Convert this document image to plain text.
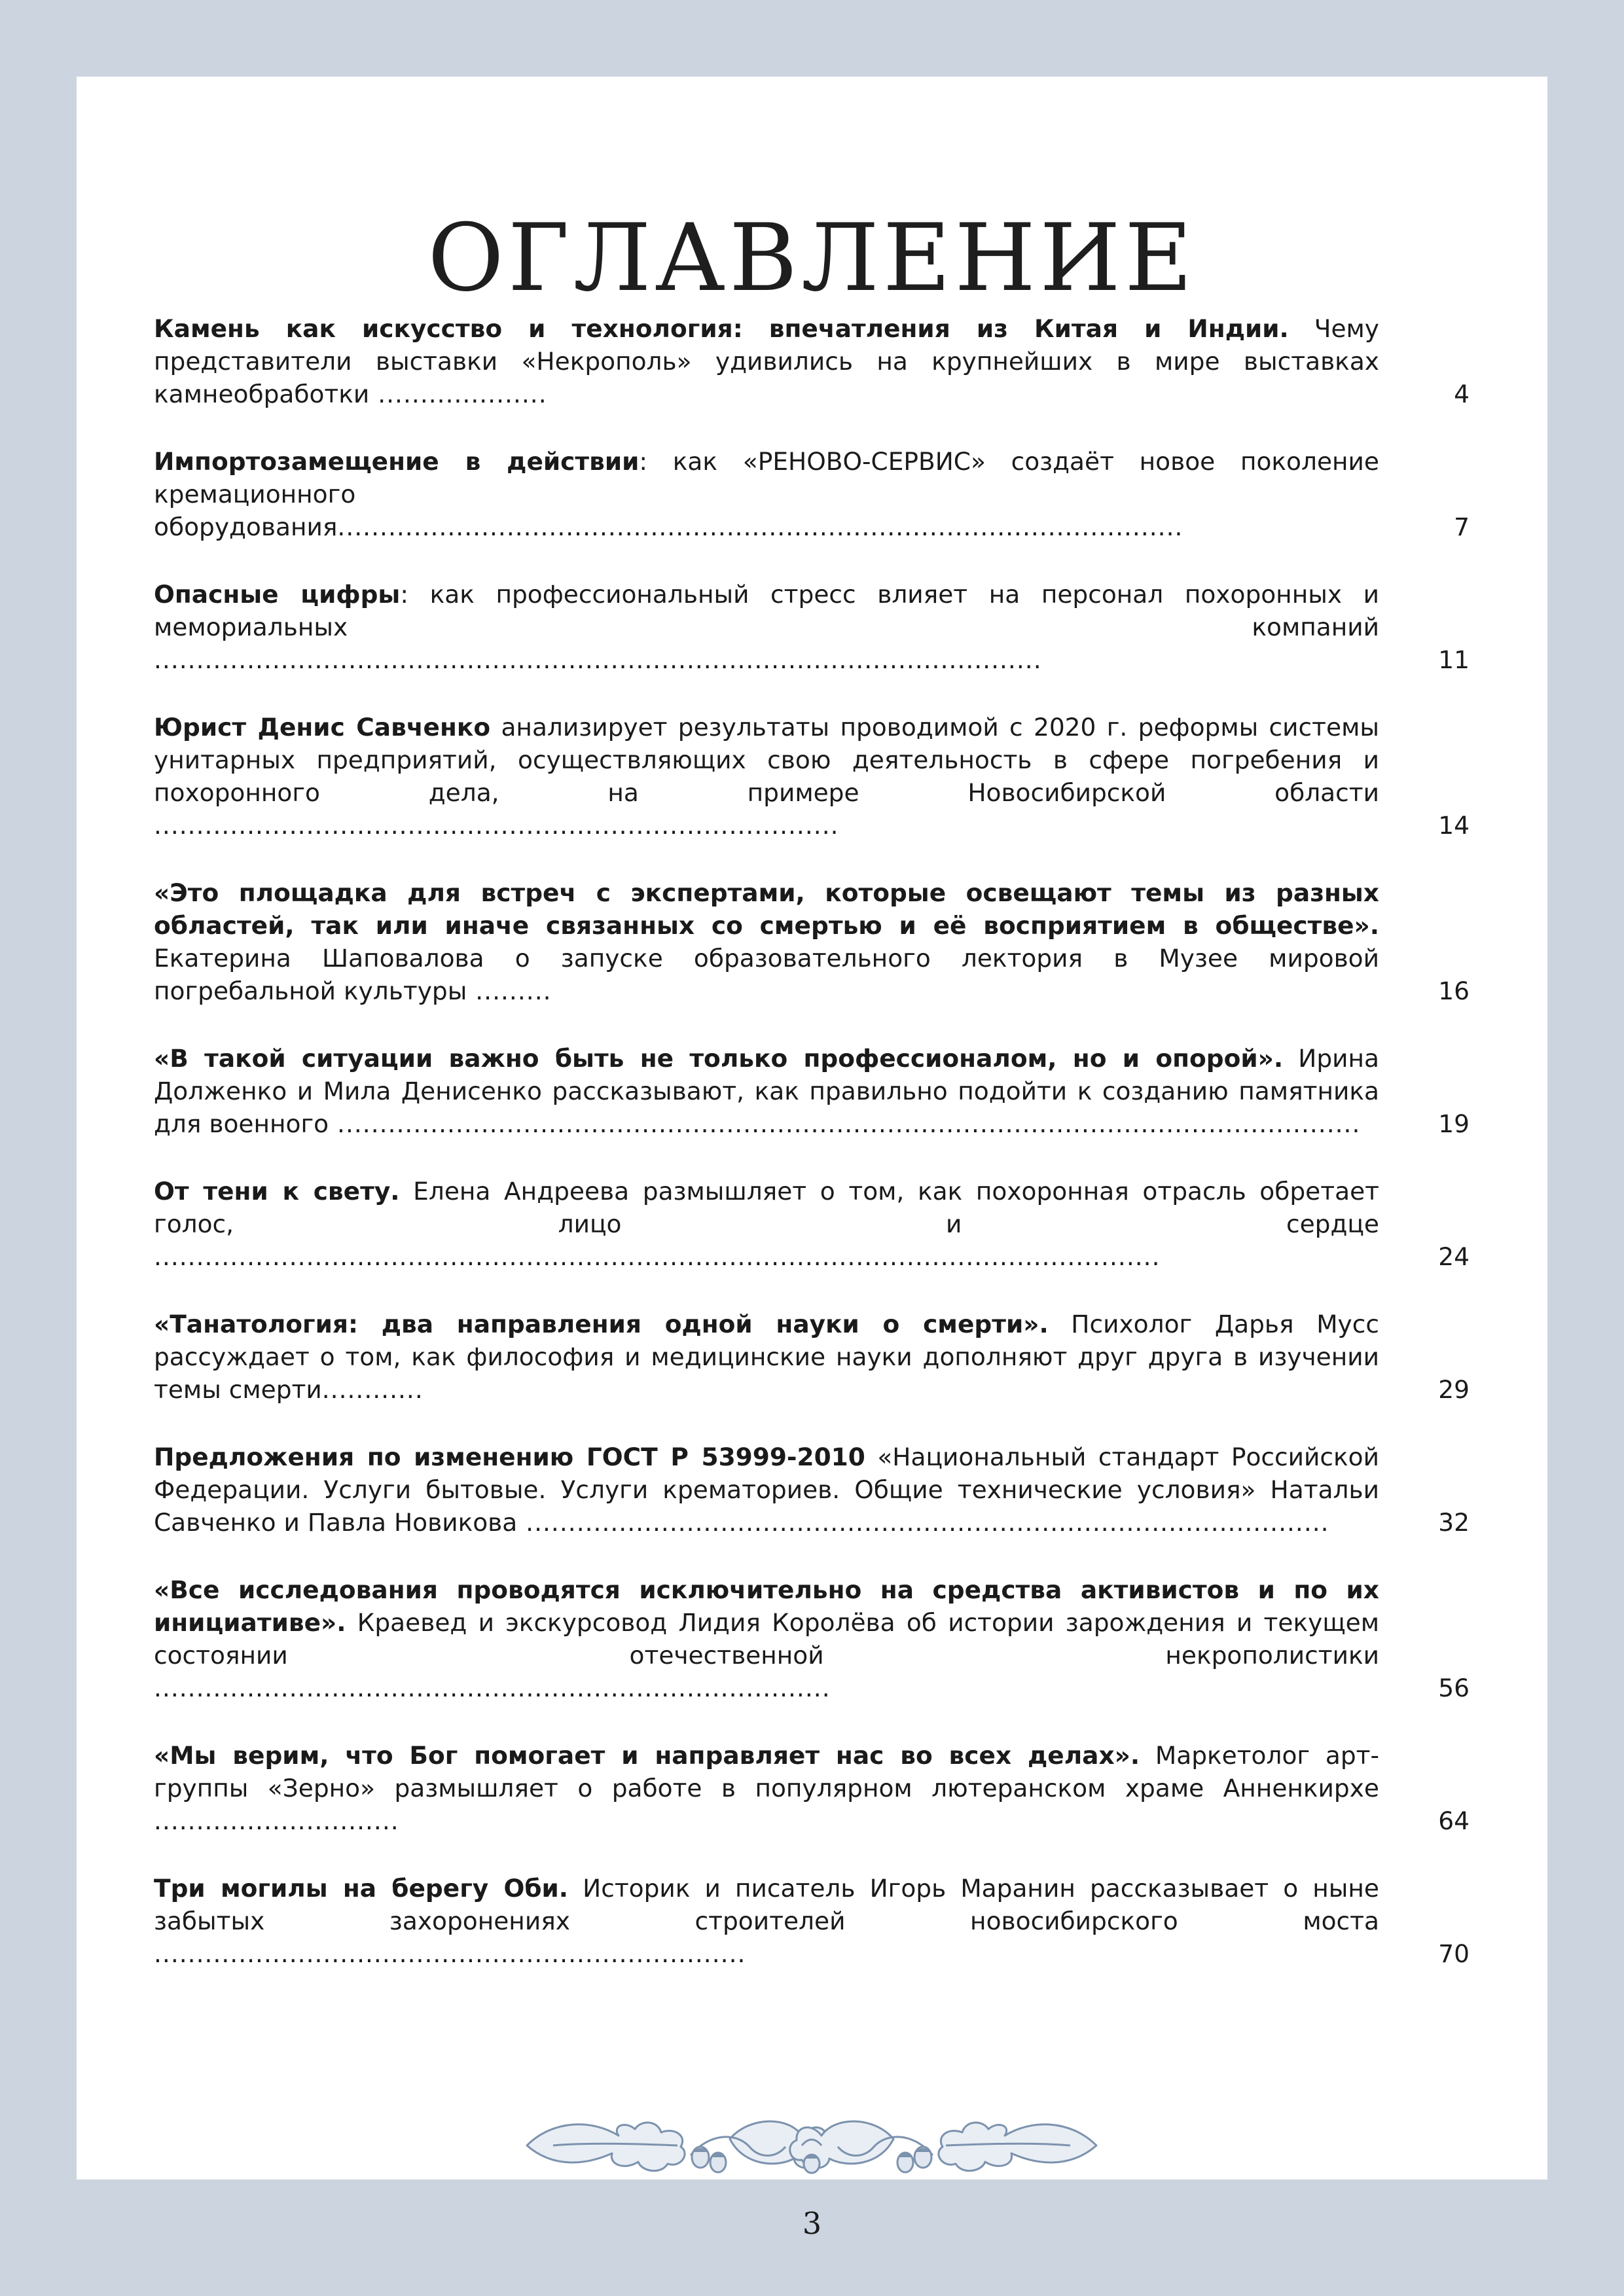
ОГЛАВЛЕНИЕ
Камень как искусство и технология: впечатления из Китая и Индии. Чему представители выставки «Некрополь» удивились на крупнейших в мире выставках камнеобработки ....................	4
Импортозамещение в действии: как «РЕНОВО-СЕРВИС» создаёт новое поколение кремационного оборудования....................................................................................................	7
Опасные цифры: как профессиональный стресс влияет на персонал похоронных и мемориальных компаний .........................................................................................................	11
Юрист Денис Савченко анализирует результаты проводимой с 2020 г. реформы системы унитарных предприятий, осуществляющих свою деятельность в сфере погребения и похоронного дела, на примере Новосибирской области .................................................................................	14
«Это площадка для встреч с экспертами, которые освещают темы из разных областей, так или иначе связанных со смертью и её восприятием в обществе». Екатерина Шаповалова о запуске образовательного лектория в Музее мировой погребальной культуры .........	16
«В такой ситуации важно быть не только профессионалом, но и опорой». Ирина Долженко и Мила Денисенко рассказывают, как правильно подойти к созданию памятника для военного .........................................................................................................................	19
От тени к свету. Елена Андреева размышляет о том, как похоронная отрасль обретает голос, лицо и сердце .......................................................................................................................	24
«Танатология: два направления одной науки о смерти». Психолог Дарья Мусс рассуждает о том, как философия и медицинские науки дополняют друг друга в изучении темы смерти............	29
Предложения по изменению ГОСТ Р 53999-2010 «Национальный стандарт Российской Федерации. Услуги бытовые. Услуги крематориев. Общие технические условия» Натальи Савченко и Павла Новикова ...............................................................................................	32
«Все исследования проводятся исключительно на средства активистов и по их инициативе». Краевед и экскурсовод Лидия Королёва об истории зарождения и текущем состоянии отечественной некрополистики ................................................................................	56
«Мы верим, что Бог помогает и направляет нас во всех делах». Маркетолог арт-группы «Зерно» размышляет о работе в популярном лютеранском храме Анненкирхе .............................	64
Три могилы на берегу Оби. Историк и писатель Игорь Маранин рассказывает о ныне забытых захоронениях строителей новосибирского моста ......................................................................	70
3
